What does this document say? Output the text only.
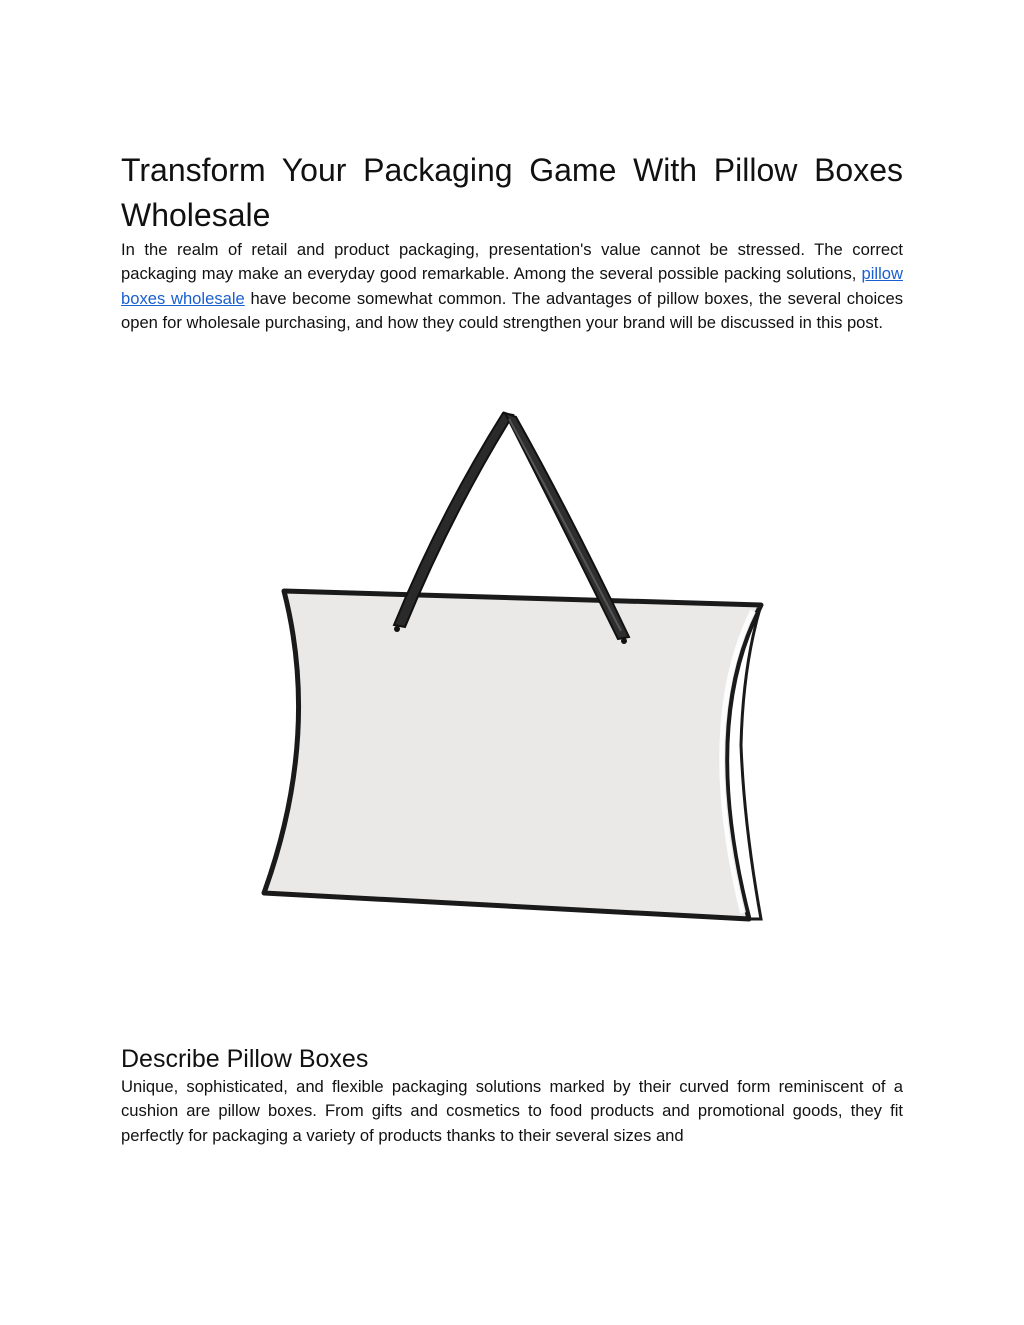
Transform Your Packaging Game With Pillow Boxes Wholesale

In the realm of retail and product packaging, presentation's value cannot be stressed. The correct packaging may make an everyday good remarkable. Among the several possible packing solutions, pillow boxes wholesale have become somewhat common. The advantages of pillow boxes, the several choices open for wholesale purchasing, and how they could strengthen your brand will be discussed in this post.

Describe Pillow Boxes

Unique, sophisticated, and flexible packaging solutions marked by their curved form reminiscent of a cushion are pillow boxes. From gifts and cosmetics to food products and promotional goods, they fit perfectly for packaging a variety of products thanks to their several sizes and
